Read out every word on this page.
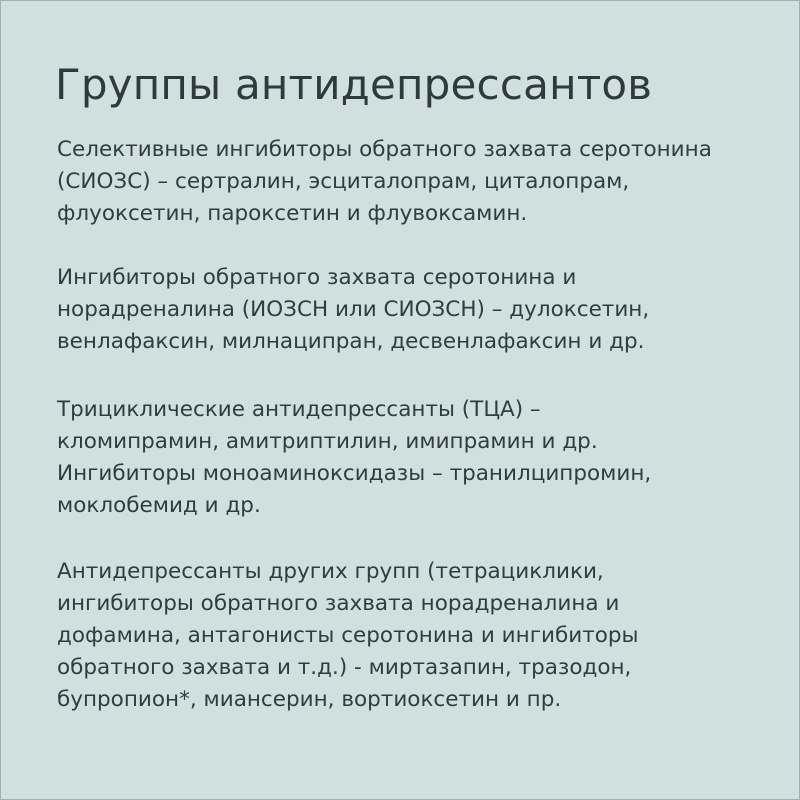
Группы антидепрессантов

Селективные ингибиторы обратного захвата серотонина
(СИОЗС) – сертралин, эсциталопрам, циталопрам,
флуоксетин, пароксетин и флувоксамин.

Ингибиторы обратного захвата серотонина и
норадреналина (ИОЗСН или СИОЗСН) – дулоксетин,
венлафаксин, милнаципран, десвенлафаксин и др.

Трициклические антидепрессанты (ТЦА) –
кломипрамин, амитриптилин, имипрамин и др.
Ингибиторы моноаминоксидазы – транилципромин,
моклобемид и др.

Антидепрессанты других групп (тетрациклики,
ингибиторы обратного захвата норадреналина и
дофамина, антагонисты серотонина и ингибиторы
обратного захвата и т.д.) - миртазапин, тразодон,
бупропион*, миансерин, вортиоксетин и пр.
